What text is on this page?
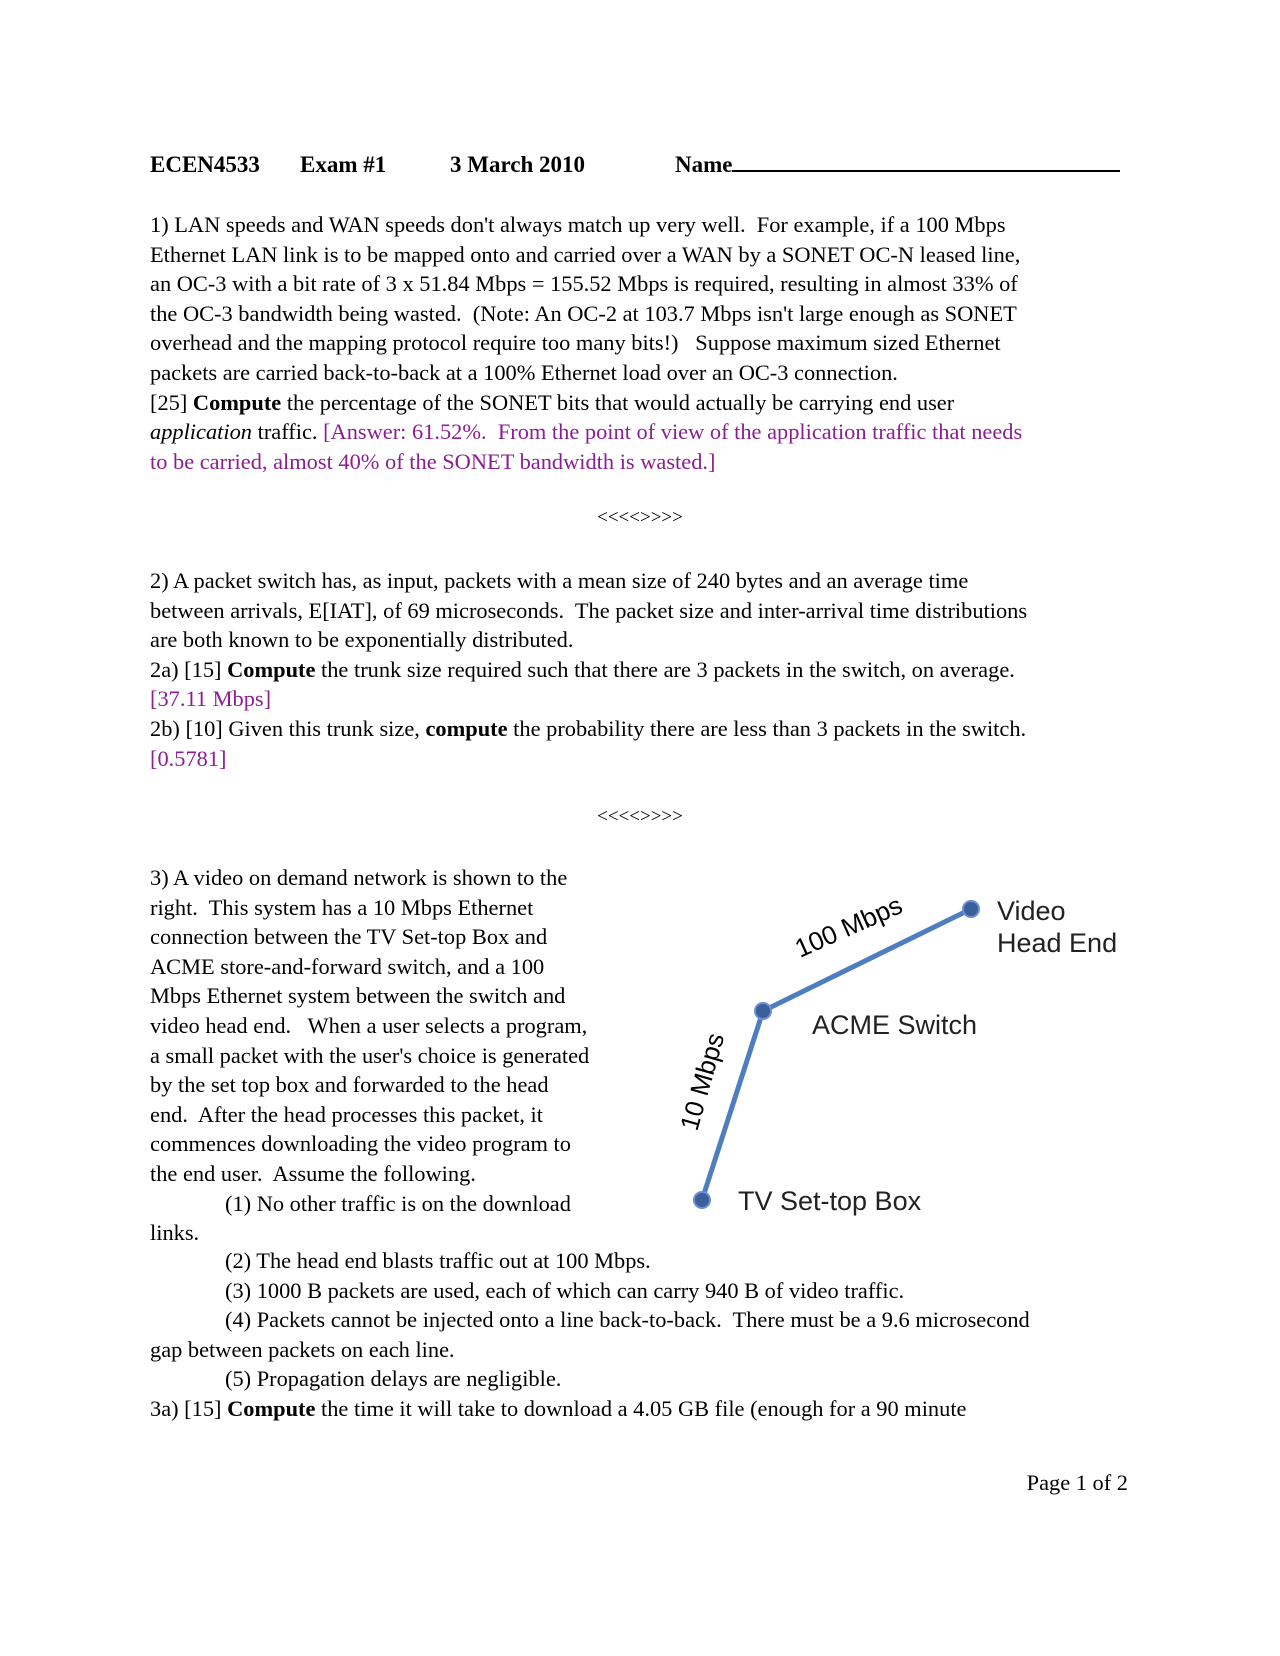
ECEN4533 Exam #1	3 March 2010	Name

1) LAN speeds and WAN speeds don't always match up very well.  For example, if a 100 Mbps

Ethernet LAN link is to be mapped onto and carried over a WAN by a SONET OC-N leased line,

an OC-3 with a bit rate of 3 x 51.84 Mbps = 155.52 Mbps is required, resulting in almost 33% of

the OC-3 bandwidth being wasted.  (Note: An OC-2 at 103.7 Mbps isn't large enough as SONET

overhead and the mapping protocol require too many bits!)   Suppose maximum sized Ethernet

packets are carried back-to-back at a 100% Ethernet load over an OC-3 connection.

[25] Compute the percentage of the SONET bits that would actually be carrying end user

application traffic. [Answer: 61.52%.  From the point of view of the application traffic that needs

to be carried, almost 40% of the SONET bandwidth is wasted.]

<<<<>>>>

2) A packet switch has, as input, packets with a mean size of 240 bytes and an average time

between arrivals, E[IAT], of 69 microseconds.  The packet size and inter-arrival time distributions

are both known to be exponentially distributed.

2a) [15] Compute the trunk size required such that there are 3 packets in the switch, on average.

[37.11 Mbps]

2b) [10] Given this trunk size, compute the probability there are less than 3 packets in the switch.

[0.5781]

<<<<>>>>

3) A video on demand network is shown to the

right.  This system has a 10 Mbps Ethernet

connection between the TV Set-top Box and

ACME store-and-forward switch, and a 100

Mbps Ethernet system between the switch and

video head end.   When a user selects a program,

a small packet with the user's choice is generated

by the set top box and forwarded to the head

end.  After the head processes this packet, it

commences downloading the video program to

the end user.  Assume the following.

(1) No other traffic is on the download

links.

100 Mbps
10 Mbps
Video
Head End
ACME Switch
TV Set-top Box

(2) The head end blasts traffic out at 100 Mbps.

(3) 1000 B packets are used, each of which can carry 940 B of video traffic.

(4) Packets cannot be injected onto a line back-to-back.  There must be a 9.6 microsecond

gap between packets on each line.

(5) Propagation delays are negligible.

3a) [15] Compute the time it will take to download a 4.05 GB file (enough for a 90 minute

Page 1 of 2
